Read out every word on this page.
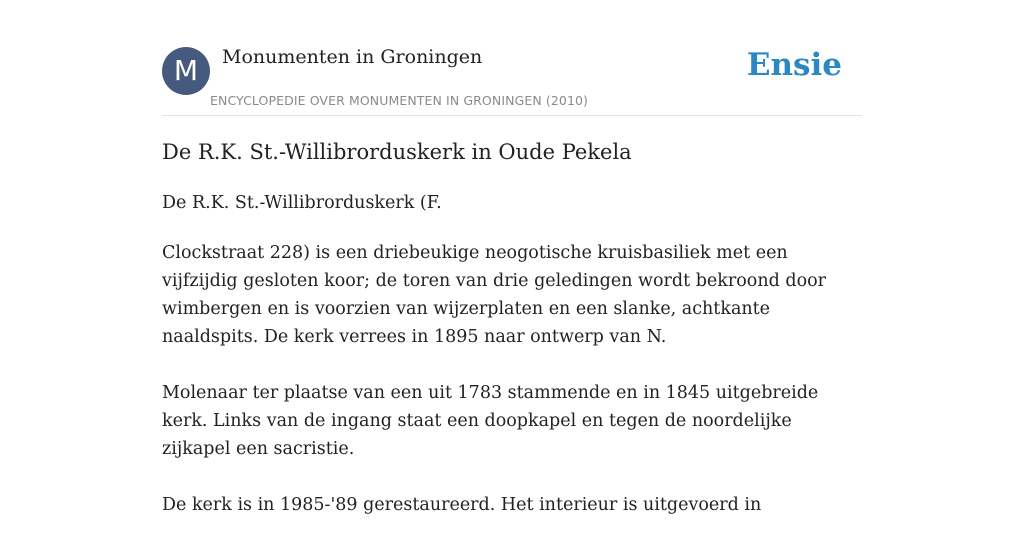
M	Monumenten in Groningen
ENCYCLOPEDIE OVER MONUMENTEN IN GRONINGEN (2010)
Ensie
De R.K. St.-Willibrorduskerk in Oude Pekela

De R.K. St.-Willibrorduskerk (F.

Clockstraat 228) is een driebeukige neogotische kruisbasiliek met een vijfzijdig gesloten koor; de toren van drie geledingen wordt bekroond door wimbergen en is voorzien van wijzerplaten en een slanke, achtkante naaldspits. De kerk verrees in 1895 naar ontwerp van N.

Molenaar ter plaatse van een uit 1783 stammende en in 1845 uitgebreide kerk. Links van de ingang staat een doopkapel en tegen de noordelijke zijkapel een sacristie.

De kerk is in 1985-'89 gerestaureerd. Het interieur is uitgevoerd in
